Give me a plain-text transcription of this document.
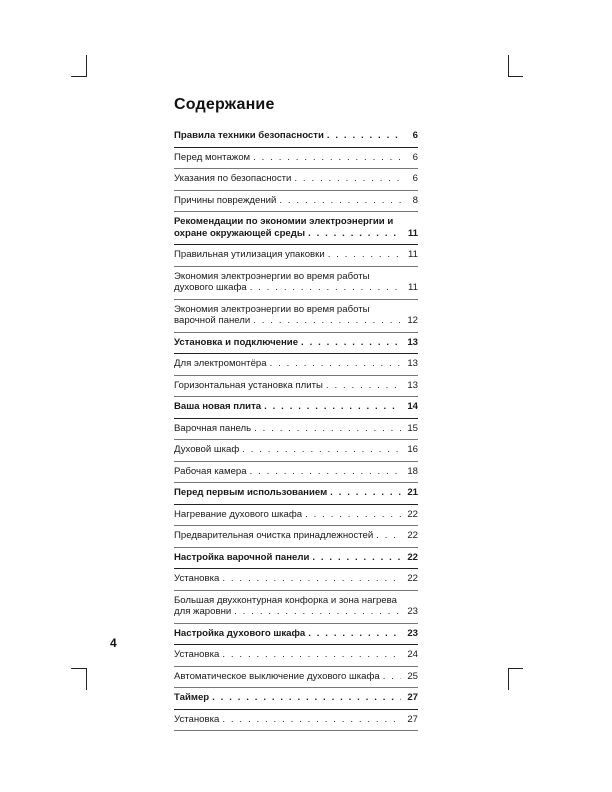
Содержание
Правила техники безопасности . . .	6
Перед монтажом . . .	6
Указания по безопасности . . .	6
Причины повреждений . . .	8
Рекомендации по экономии электроэнергии и
охране окружающей среды . . .	11
Правильная утилизация упаковки . . .	11
Экономия электроэнергии во время работы
духового шкафа . . .	11
Экономия электроэнергии во время работы
варочной панели . . .	12
Установка и подключение . . .	13
Для электромонтёра . . .	13
Горизонтальная установка плиты . . .	13
Ваша новая плита . . .	14
Варочная панель . . .	15
Духовой шкаф . . .	16
Рабочая камера . . .	18
Перед первым использованием . . .	21
Нагревание духового шкафа . . .	22
Предварительная очистка принадлежностей . . .	22
Настройка варочной панели . . .	22
Установка . . .	22
Большая двухконтурная конфорка и зона нагрева
для жаровни . . .	23
Настройка духового шкафа . . .	23
Установка . . .	24
Автоматическое выключение духового шкафа . . .	25
Таймер . . .	27
Установка . . .	27
4
